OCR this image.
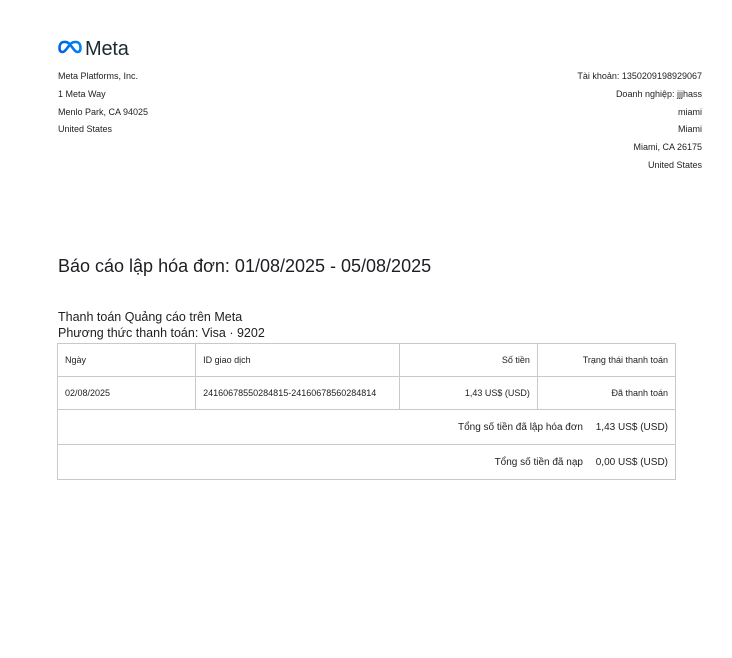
Meta
Meta Platforms, Inc.
1 Meta Way
Menlo Park, CA 94025
United States
Tài khoản: 1350209198929067
Doanh nghiệp: jjjhass
miami
Miami
Miami, CA 26175
United States
Báo cáo lập hóa đơn: 01/08/2025 - 05/08/2025
Thanh toán Quảng cáo trên Meta
Phương thức thanh toán: Visa · 9202
Ngày	ID giao dịch	Số tiền	Trạng thái thanh toán
02/08/2025	24160678550284815-24160678560284814	1,43 US$ (USD)	Đã thanh toán
Tổng số tiền đã lập hóa đơn 1,43 US$ (USD)			
Tổng số tiền đã nạp 0,00 US$ (USD)			
